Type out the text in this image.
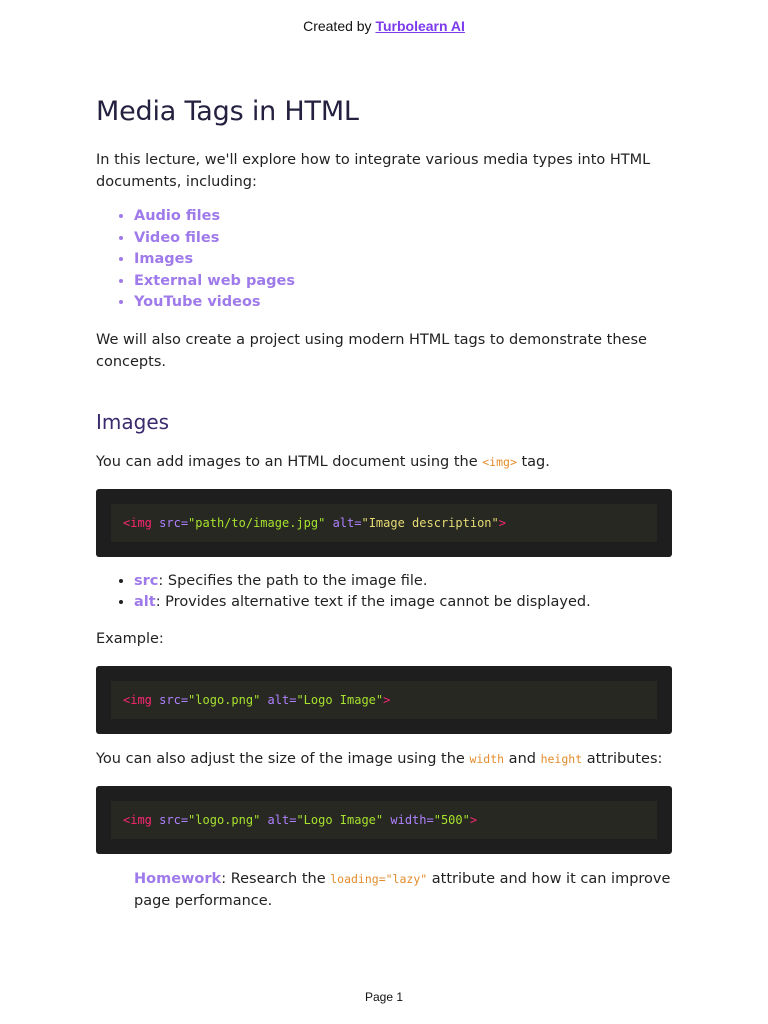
Created by Turbolearn AI
Media Tags in HTML

In this lecture, we'll explore how to integrate various media types into HTML documents, including:

• Audio files
• Video files
• Images
• External web pages
• YouTube videos

We will also create a project using modern HTML tags to demonstrate these concepts.

Images

You can add images to an HTML document using the <img> tag.

<img src="path/to/image.jpg" alt="Image description">
• src: Specifies the path to the image file.
• alt: Provides alternative text if the image cannot be displayed.

Example:

<img src="logo.png" alt="Logo Image">

You can also adjust the size of the image using the width and height attributes:

<img src="logo.png" alt="Logo Image" width="500">

Homework: Research the loading="lazy" attribute and how it can improve page performance.

Page 1
